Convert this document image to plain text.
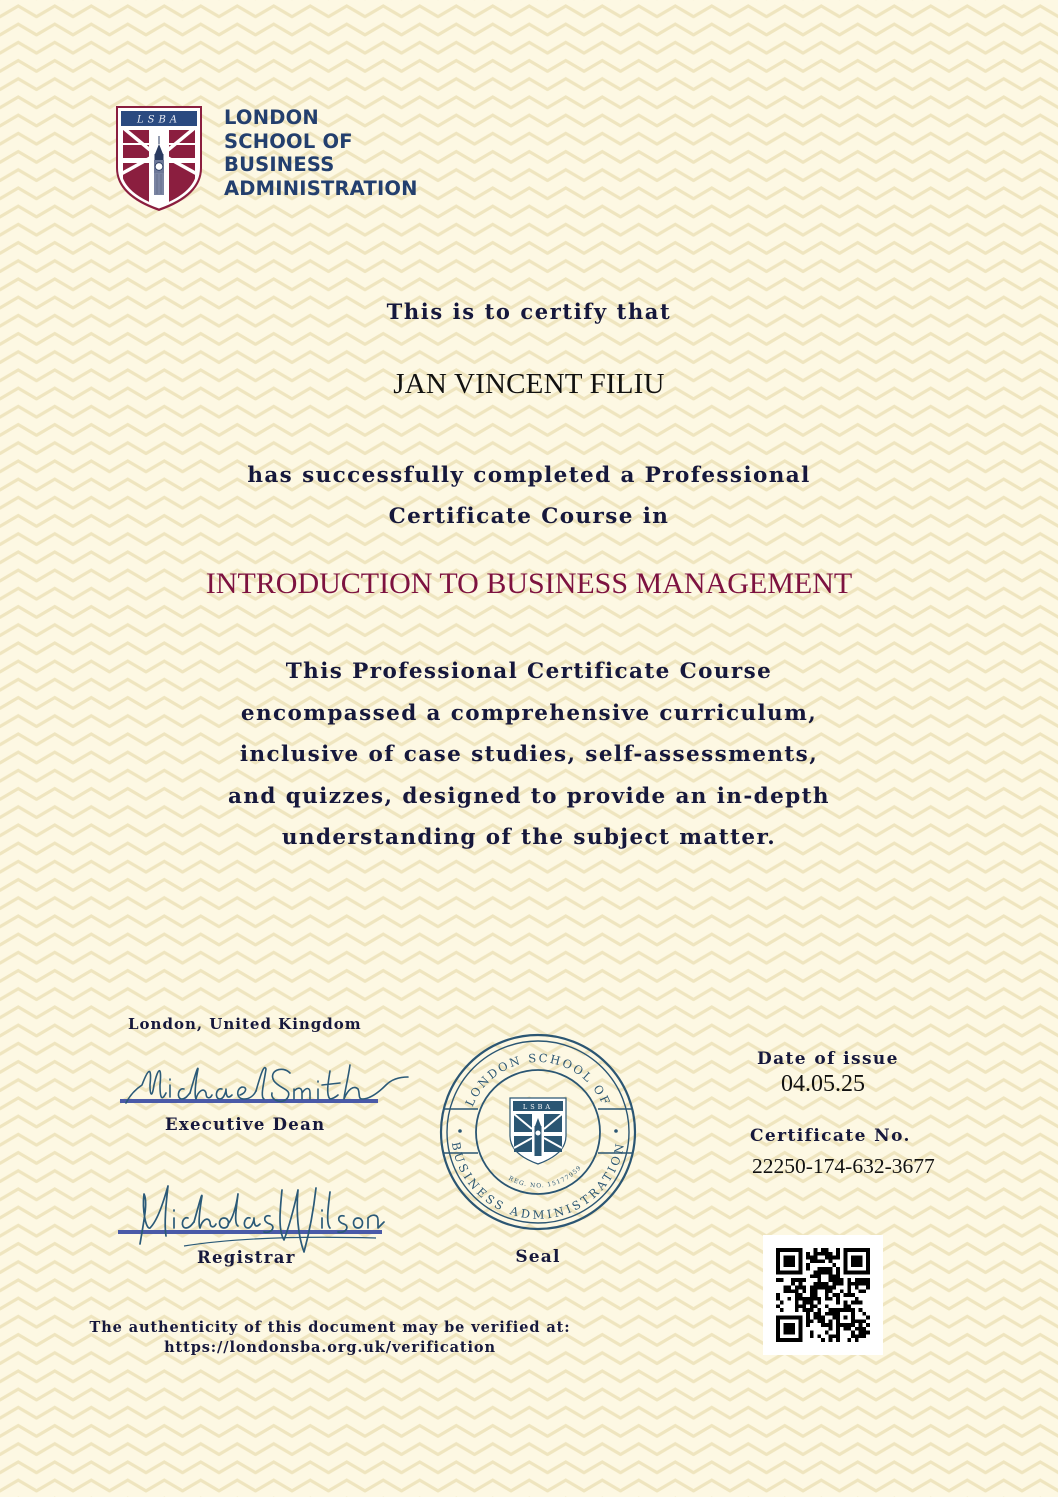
LSBA LONDON
SCHOOL OF
BUSINESS
ADMINISTRATION
This is to certify that
JAN VINCENT FILIU
has successfully completed a Professional
Certificate Course in
INTRODUCTION TO BUSINESS MANAGEMENT
This Professional Certificate Course
encompassed a comprehensive curriculum,
inclusive of case studies, self-assessments,
and quizzes, designed to provide an in-depth
understanding of the subject matter.
London, United Kingdom
Executive Dean
Registrar
LONDON SCHOOL OF
BUSINESS ADMINISTRATION
REG. NO. 15177959
LSBA
Seal
The authenticity of this document may be verified at:
https://londonsba.org.uk/verification
Date of issue
04.05.25
Certificate No.
22250-174-632-3677
